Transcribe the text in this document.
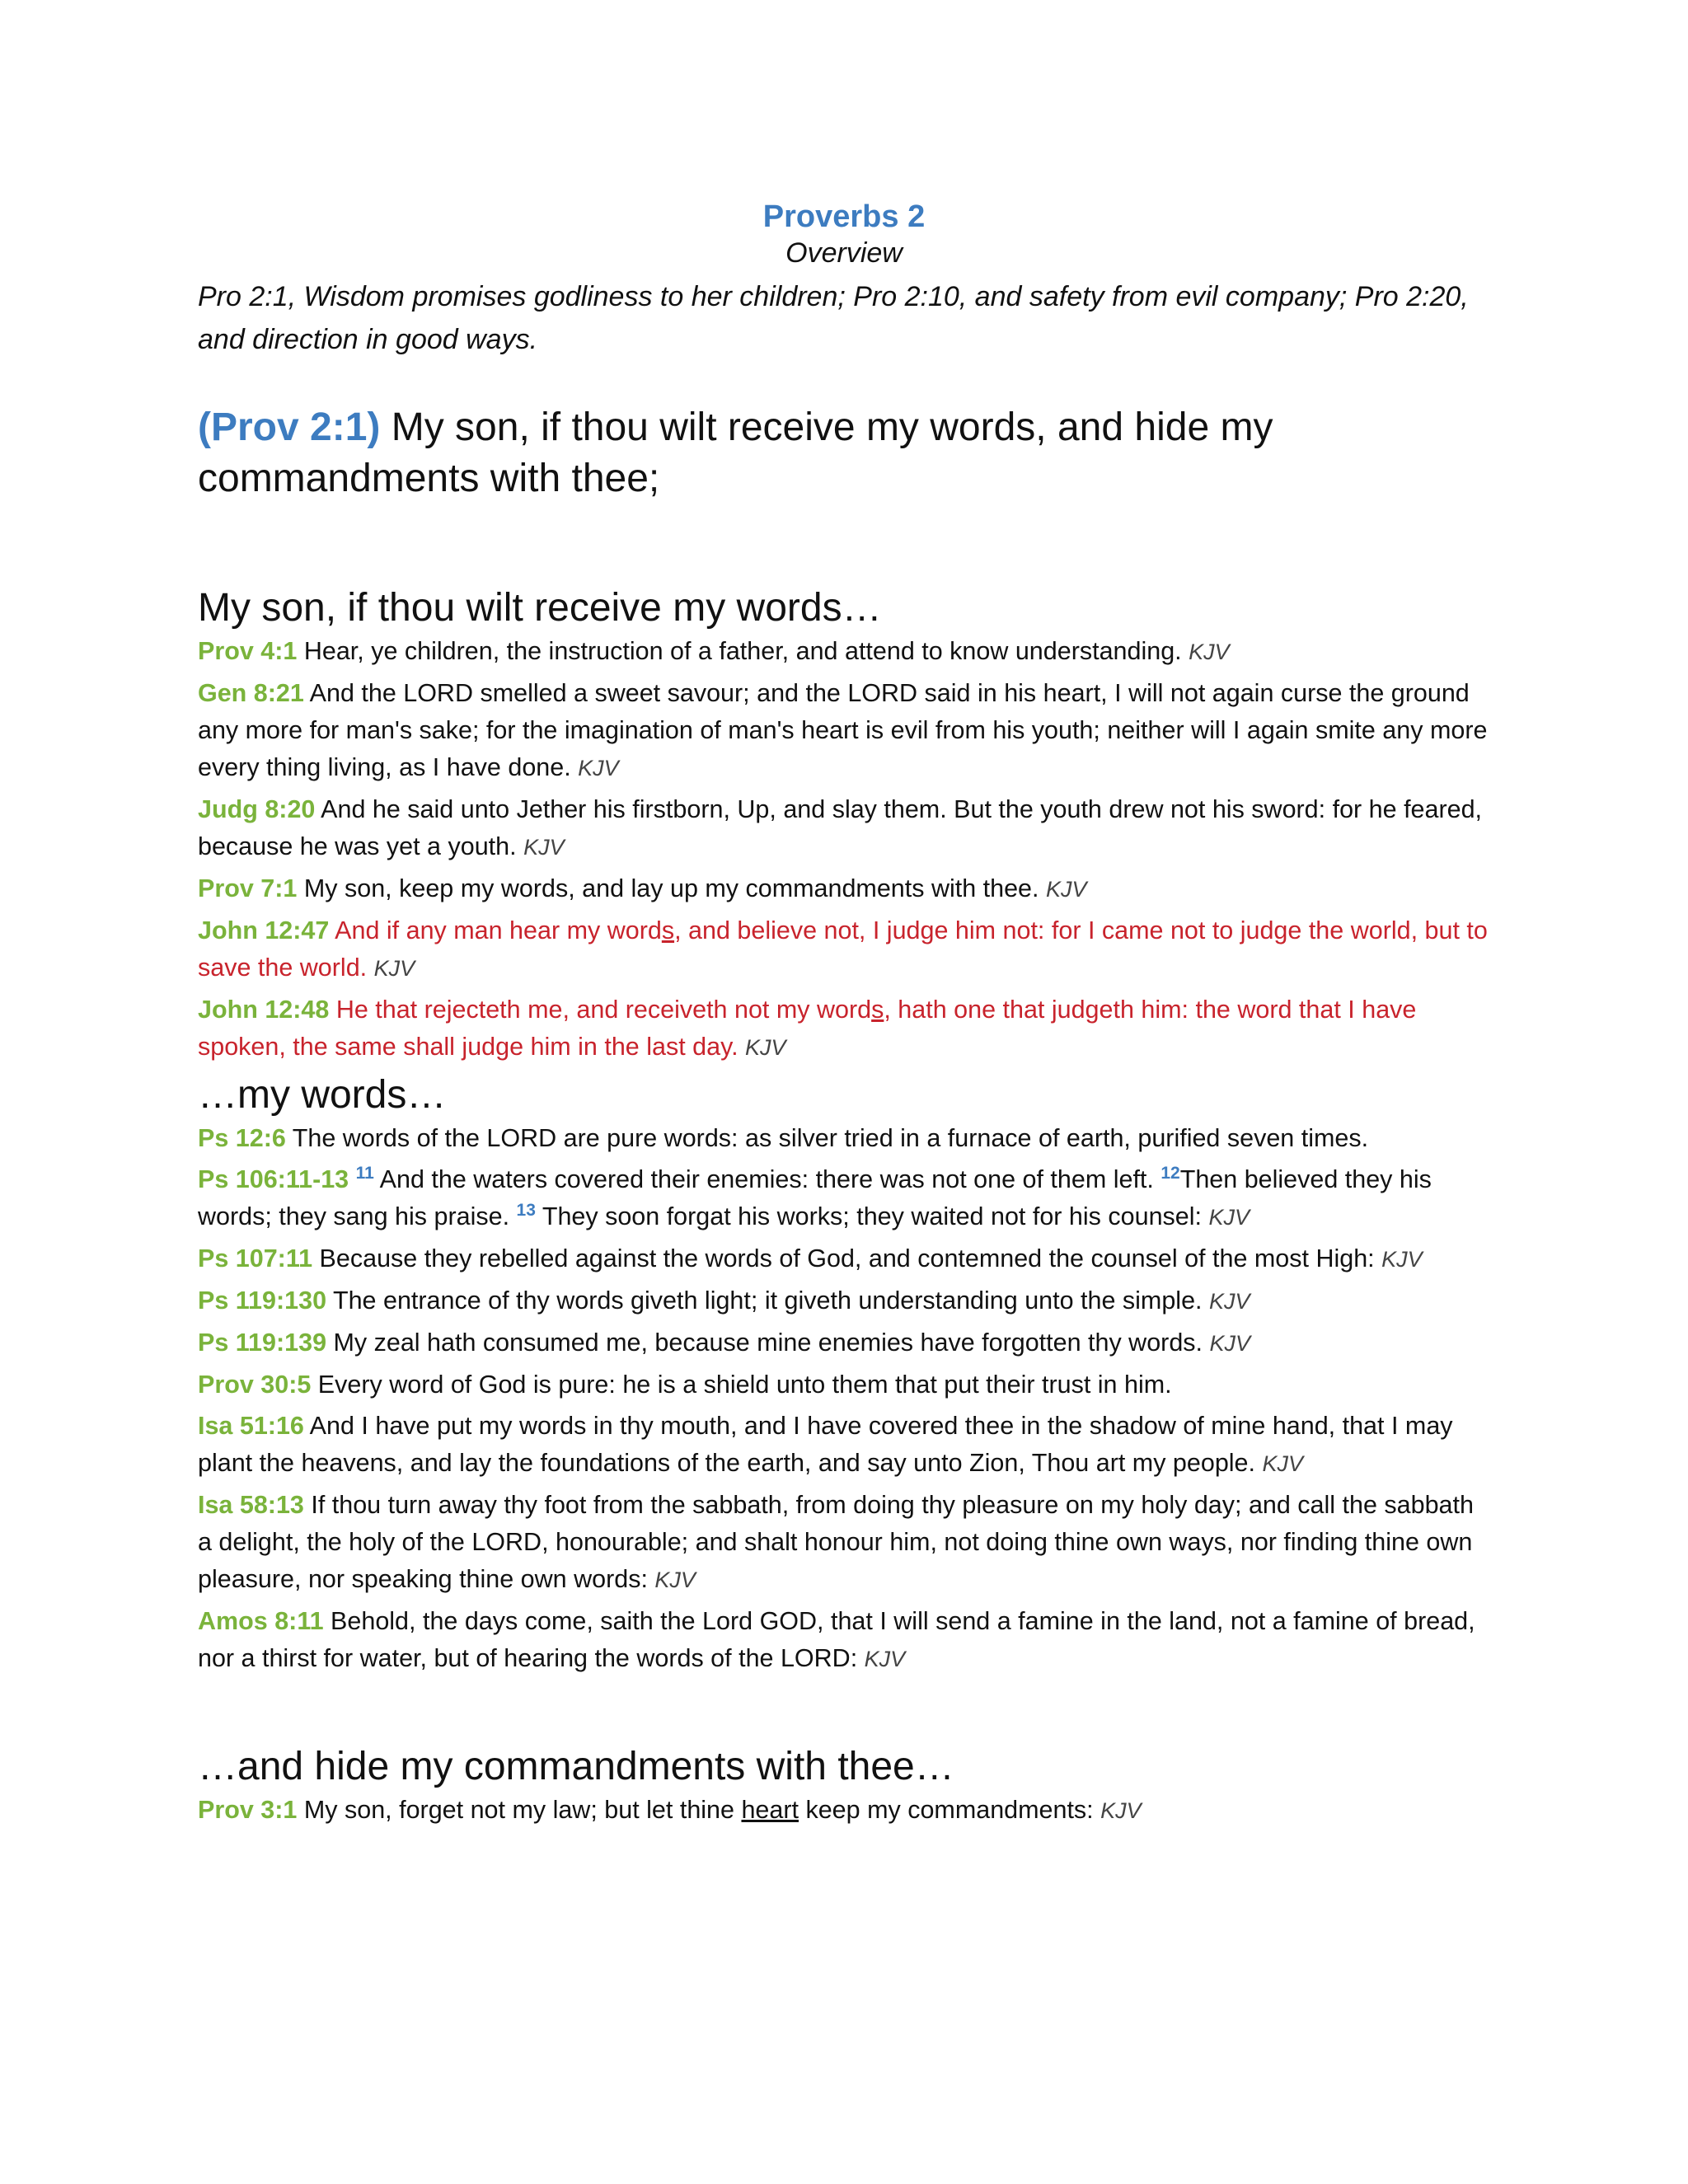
Proverbs 2
Overview

Pro 2:1, Wisdom promises godliness to her children; Pro 2:10, and safety from evil company; Pro 2:20, and direction in good ways.

(Prov 2:1) My son, if thou wilt receive my words, and hide my commandments with thee;
My son, if thou wilt receive my words…
Prov 4:1 Hear, ye children, the instruction of a father, and attend to know understanding. KJV
Gen 8:21 And the LORD smelled a sweet savour; and the LORD said in his heart, I will not again curse the ground any more for man's sake; for the imagination of man's heart is evil from his youth; neither will I again smite any more every thing living, as I have done. KJV
Judg 8:20 And he said unto Jether his firstborn, Up, and slay them. But the youth drew not his sword: for he feared, because he was yet a youth. KJV
Prov 7:1 My son, keep my words, and lay up my commandments with thee. KJV
John 12:47 And if any man hear my words, and believe not, I judge him not: for I came not to judge the world, but to save the world. KJV
John 12:48 He that rejecteth me, and receiveth not my words, hath one that judgeth him: the word that I have spoken, the same shall judge him in the last day. KJV
…my words…
Ps 12:6 The words of the LORD are pure words: as silver tried in a furnace of earth, purified seven times.
Ps 106:11-13 $^{11}$ And the waters covered their enemies: there was not one of them left. $^{12}$Then believed they his words; they sang his praise. $^{13}$ They soon forgat his works; they waited not for his counsel: KJV
Ps 107:11 Because they rebelled against the words of God, and contemned the counsel of the most High: KJV
Ps 119:130 The entrance of thy words giveth light; it giveth understanding unto the simple. KJV
Ps 119:139 My zeal hath consumed me, because mine enemies have forgotten thy words. KJV
Prov 30:5 Every word of God is pure: he is a shield unto them that put their trust in him.
Isa 51:16 And I have put my words in thy mouth, and I have covered thee in the shadow of mine hand, that I may plant the heavens, and lay the foundations of the earth, and say unto Zion, Thou art my people. KJV
Isa 58:13 If thou turn away thy foot from the sabbath, from doing thy pleasure on my holy day; and call the sabbath a delight, the holy of the LORD, honourable; and shalt honour him, not doing thine own ways, nor finding thine own pleasure, nor speaking thine own words: KJV
Amos 8:11 Behold, the days come, saith the Lord GOD, that I will send a famine in the land, not a famine of bread, nor a thirst for water, but of hearing the words of the LORD: KJV
…and hide my commandments with thee…
Prov 3:1 My son, forget not my law; but let thine heart keep my commandments: KJV
